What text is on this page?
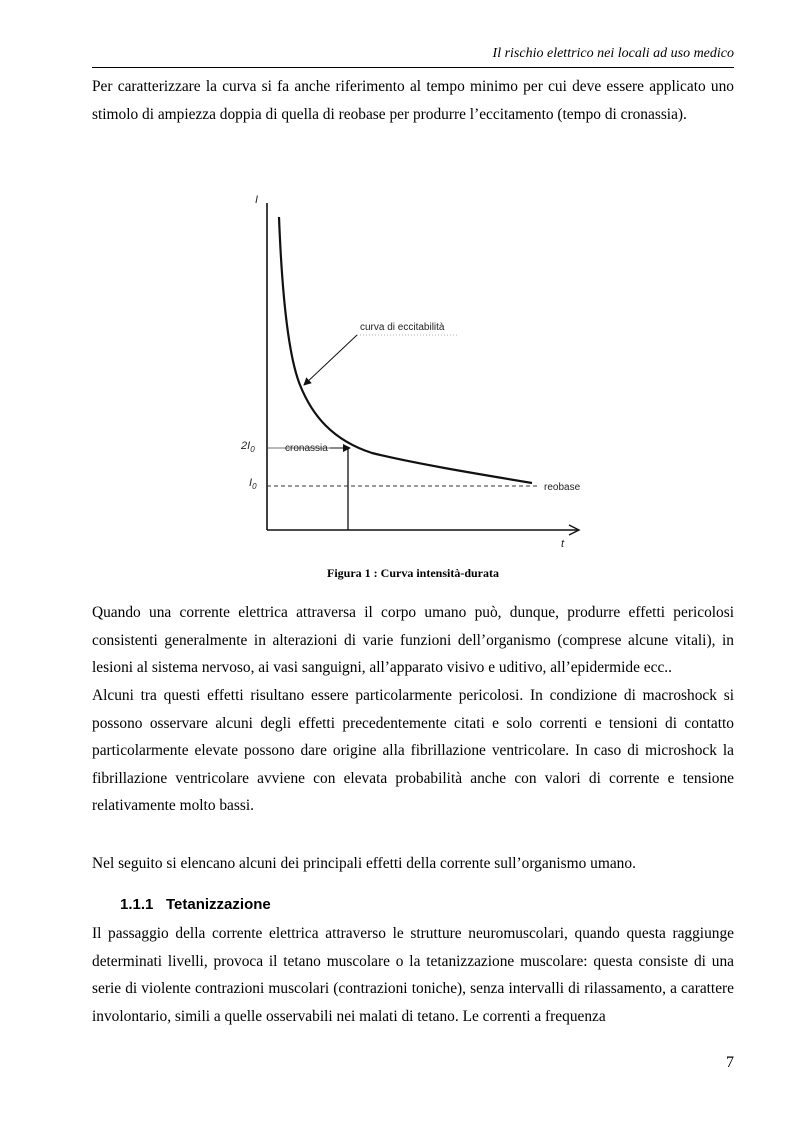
Il rischio elettrico nei locali ad uso medico

Per caratterizzare la curva si fa anche riferimento al tempo minimo per cui deve essere applicato uno stimolo di ampiezza doppia di quella di reobase per produrre l’eccitamento (tempo di cronassia).

I
t
reobase
$2I_0$
$I_0$
cronassia
curva di eccitabilità
Figura 1 : Curva intensità-durata

Quando una corrente elettrica attraversa il corpo umano può, dunque, produrre effetti pericolosi consistenti generalmente in alterazioni di varie funzioni dell’organismo (comprese alcune vitali), in lesioni al sistema nervoso, ai vasi sanguigni, all’apparato visivo e uditivo, all’epidermide ecc..

Alcuni tra questi effetti risultano essere particolarmente pericolosi. In condizione di macroshock si possono osservare alcuni degli effetti precedentemente citati e solo correnti e tensioni di contatto particolarmente elevate possono dare origine alla fibrillazione ventricolare. In caso di microshock la fibrillazione ventricolare avviene con elevata probabilità anche con valori di corrente e tensione relativamente molto bassi.

Nel seguito si elencano alcuni dei principali effetti della corrente sull’organismo umano.

1.1.1 Tetanizzazione

Il passaggio della corrente elettrica attraverso le strutture neuromuscolari, quando questa raggiunge determinati livelli, provoca il tetano muscolare o la tetanizzazione muscolare: questa consiste di una serie di violente contrazioni muscolari (contrazioni toniche), senza intervalli di rilassamento, a carattere involontario, simili a quelle osservabili nei malati di tetano. Le correnti a frequenza

7
